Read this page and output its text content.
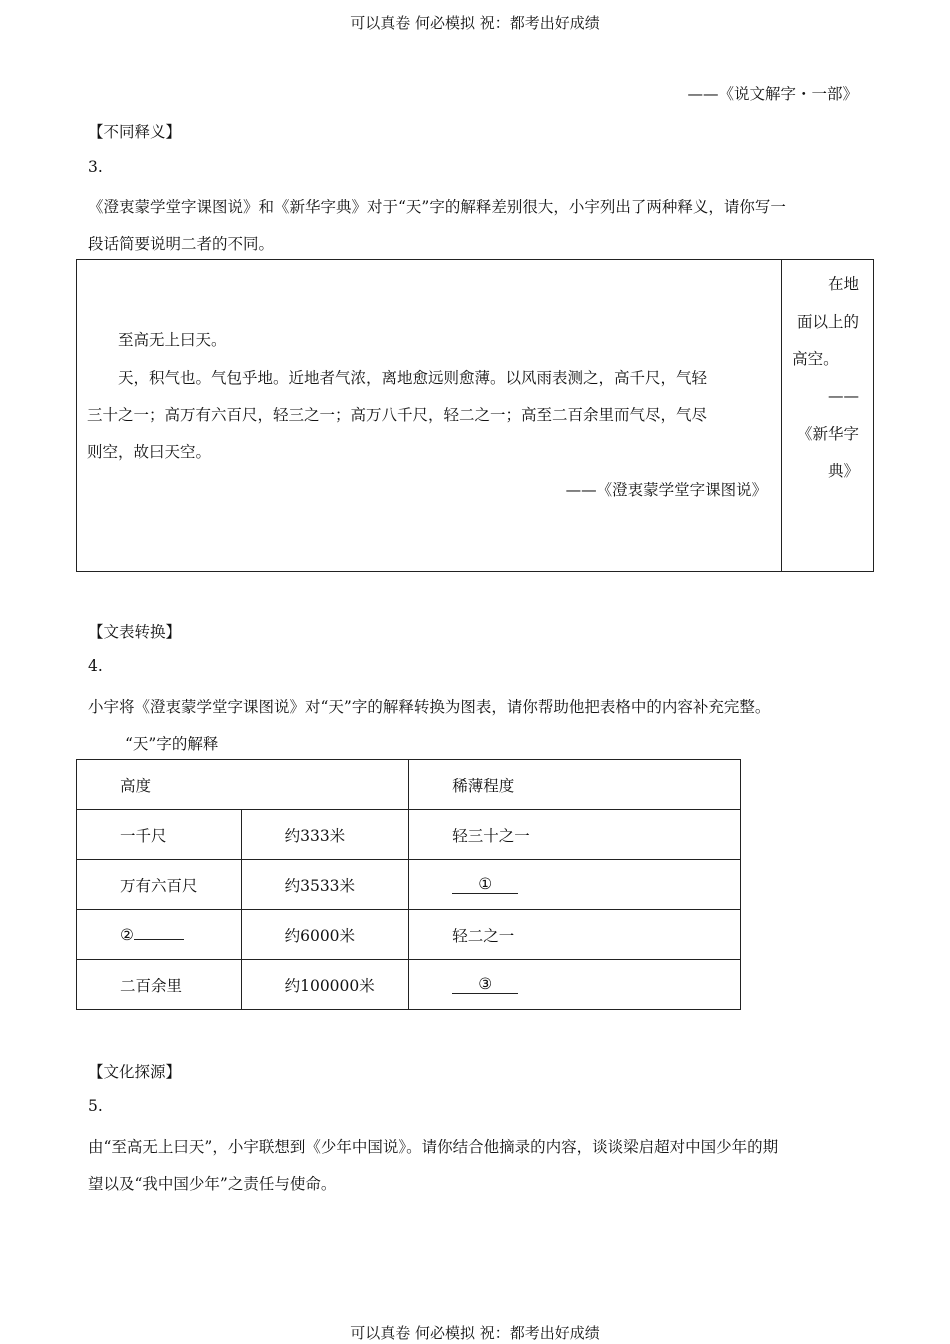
可以真卷 何必模拟 祝：都考出好成绩
——《说文解字・一部》
【不同释义】
3.
《澄衷蒙学堂字课图说》和《新华字典》对于“天”字的解释差别很大，小宇列出了两种释义，请你写一
段话简要说明二者的不同。
至高无上曰天。
天，积气也。气包乎地。近地者气浓，离地愈远则愈薄。以风雨表测之，高千尺，气轻
三十之一；高万有六百尺，轻三之一；高万八千尺，轻二之一；高至二百余里而气尽，气尽
则空，故曰天空。
——《澄衷蒙学堂字课图说》

在地
面以上的
高空。
——
《新华字
典》
【文表转换】
4.
小宇将《澄衷蒙学堂字课图说》对“天”字的解释转换为图表，请你帮助他把表格中的内容补充完整。
“天”字的解释
高度		稀薄程度
一千尺	约333米	轻三十之一
万有六百尺	约3533米	①
②	约6000米	轻二之一
二百余里	约100000米	③
【文化探源】
5.
由“至高无上曰天”，小宇联想到《少年中国说》。请你结合他摘录的内容，谈谈梁启超对中国少年的期
望以及“我中国少年”之责任与使命。
可以真卷 何必模拟 祝：都考出好成绩
